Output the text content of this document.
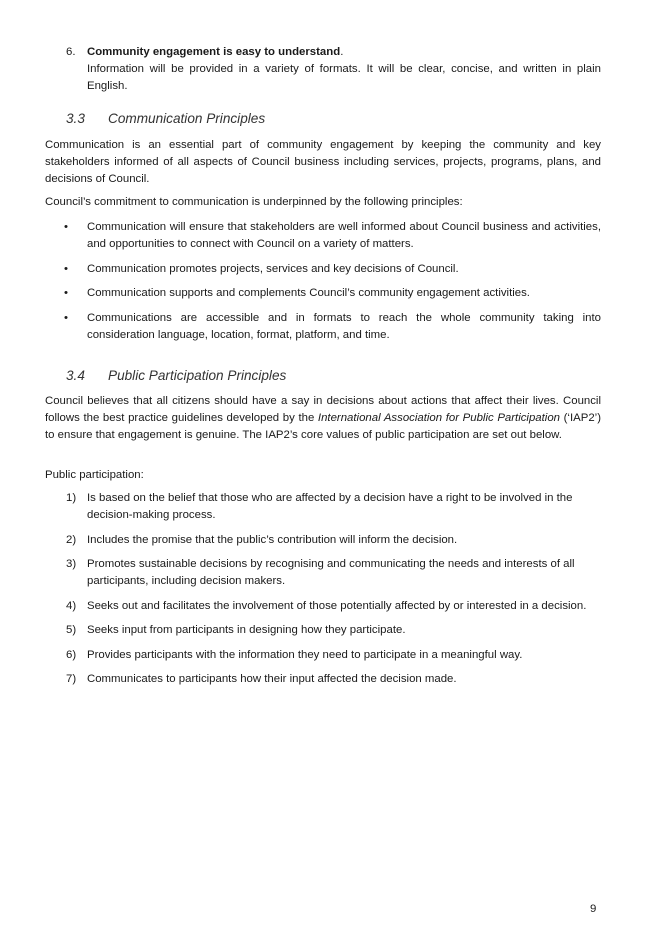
6.	Community engagement is easy to understand.
Information will be provided in a variety of formats. It will be clear, concise, and written in plain English.
3.3 Communication Principles

Communication is an essential part of community engagement by keeping the community and key stakeholders informed of all aspects of Council business including services, projects, programs, plans, and decisions of Council.

Council’s commitment to communication is underpinned by the following principles:

• Communication will ensure that stakeholders are well informed about Council business and activities, and opportunities to connect with Council on a variety of matters.
• Communication promotes projects, services and key decisions of Council.
• Communication supports and complements Council’s community engagement activities.
• Communications are accessible and in formats to reach the whole community taking into consideration language, location, format, platform, and time.
3.4 Public Participation Principles

Council believes that all citizens should have a say in decisions about actions that affect their lives. Council follows the best practice guidelines developed by the International Association for Public Participation (‘IAP2’) to ensure that engagement is genuine. The IAP2’s core values of public participation are set out below.

Public participation:

1) Is based on the belief that those who are affected by a decision have a right to be involved in the decision-making process.
2) Includes the promise that the public’s contribution will inform the decision.
3) Promotes sustainable decisions by recognising and communicating the needs and interests of all participants, including decision makers.
4) Seeks out and facilitates the involvement of those potentially affected by or interested in a decision.
5) Seeks input from participants in designing how they participate.
6) Provides participants with the information they need to participate in a meaningful way.
7) Communicates to participants how their input affected the decision made.
9
